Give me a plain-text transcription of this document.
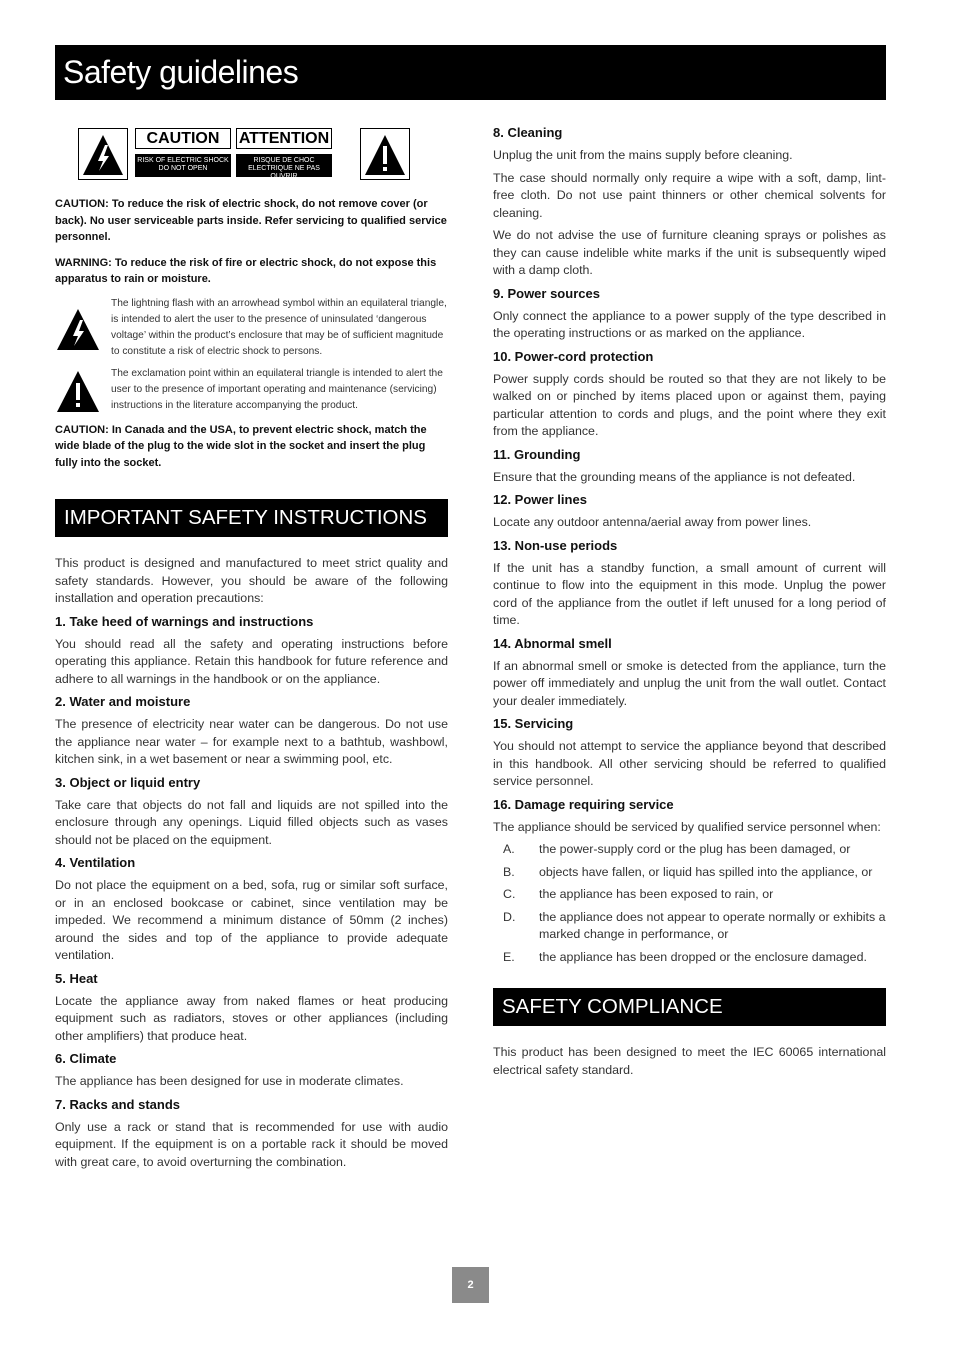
Safety guidelines
CAUTION
RISK OF ELECTRIC SHOCK DO NOT OPEN
ATTENTION
RISQUE DE CHOC ELECTRIQUE NE PAS OUVRIR

CAUTION: To reduce the risk of electric shock, do not remove cover (or back). No user serviceable parts inside. Refer servicing to qualified service personnel.

WARNING: To reduce the risk of fire or electric shock, do not expose this apparatus to rain or moisture.

The lightning flash with an arrowhead symbol within an equilateral triangle, is intended to alert the user to the presence of uninsulated ‘dangerous voltage’ within the product’s enclosure that may be of sufficient magnitude to constitute a risk of electric shock to persons.

The exclamation point within an equilateral triangle is intended to alert the user to the presence of important operating and maintenance (servicing) instructions in the literature accompanying the product.

CAUTION: In Canada and the USA, to prevent electric shock, match the wide blade of the plug to the wide slot in the socket and insert the plug fully into the socket.

IMPORTANT SAFETY INSTRUCTIONS

This product is designed and manufactured to meet strict quality and safety standards. However, you should be aware of the following installation and operation precautions:

1. Take heed of warnings and instructions

You should read all the safety and operating instructions before operating this appliance. Retain this handbook for future reference and adhere to all warnings in the handbook or on the appliance.

2. Water and moisture

The presence of electricity near water can be dangerous. Do not use the appliance near water – for example next to a bathtub, washbowl, kitchen sink, in a wet basement or near a swimming pool, etc.

3. Object or liquid entry

Take care that objects do not fall and liquids are not spilled into the enclosure through any openings. Liquid filled objects such as vases should not be placed on the equipment.

4. Ventilation

Do not place the equipment on a bed, sofa, rug or similar soft surface, or in an enclosed bookcase or cabinet, since ventilation may be impeded. We recommend a minimum distance of 50mm (2 inches) around the sides and top of the appliance to provide adequate ventilation.

5. Heat

Locate the appliance away from naked flames or heat producing equipment such as radiators, stoves or other appliances (including other amplifiers) that produce heat.

6. Climate

The appliance has been designed for use in moderate climates.

7. Racks and stands

Only use a rack or stand that is recommended for use with audio equipment. If the equipment is on a portable rack it should be moved with great care, to avoid overturning the combination.

8. Cleaning

Unplug the unit from the mains supply before cleaning.

The case should normally only require a wipe with a soft, damp, lint-free cloth. Do not use paint thinners or other chemical solvents for cleaning.

We do not advise the use of furniture cleaning sprays or polishes as they can cause indelible white marks if the unit is subsequently wiped with a damp cloth.

9. Power sources

Only connect the appliance to a power supply of the type described in the operating instructions or as marked on the appliance.

10. Power-cord protection

Power supply cords should be routed so that they are not likely to be walked on or pinched by items placed upon or against them, paying particular attention to cords and plugs, and the point where they exit from the appliance.

11. Grounding

Ensure that the grounding means of the appliance is not defeated.

12. Power lines

Locate any outdoor antenna/aerial away from power lines.

13. Non-use periods

If the unit has a standby function, a small amount of current will continue to flow into the equipment in this mode. Unplug the power cord of the appliance from the outlet if left unused for a long period of time.

14. Abnormal smell

If an abnormal smell or smoke is detected from the appliance, turn the power off immediately and unplug the unit from the wall outlet. Contact your dealer immediately.

15. Servicing

You should not attempt to service the appliance beyond that described in this handbook. All other servicing should be referred to qualified service personnel.

16. Damage requiring service

The appliance should be serviced by qualified service personnel when:

A.	the power-supply cord or the plug has been damaged, or
B.	objects have fallen, or liquid has spilled into the appliance, or
C.	the appliance has been exposed to rain, or
D.	the appliance does not appear to operate normally or exhibits a marked change in performance, or
E.	the appliance has been dropped or the enclosure damaged.
SAFETY COMPLIANCE

This product has been designed to meet the IEC 60065 international electrical safety standard.

2
